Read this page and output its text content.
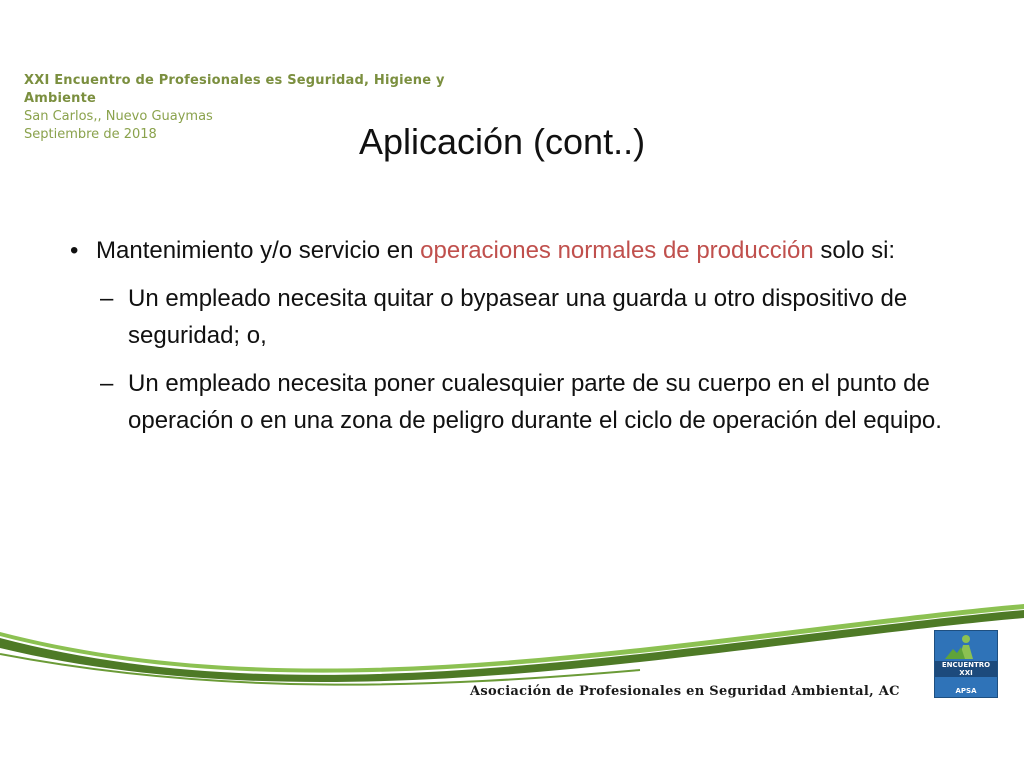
XXI Encuentro de Profesionales es Seguridad, Higiene y
Ambiente
San Carlos,, Nuevo Guaymas
Septiembre de 2018	Aplicación (cont..)
• Mantenimiento y/o servicio en operaciones normales de producción solo si:
– Un empleado necesita quitar o bypasear una guarda u otro dispositivo de seguridad; o,
– Un empleado necesita poner cualesquier parte de su cuerpo en el punto de operación o en una zona de peligro durante el ciclo de operación del equipo.
Asociación de Profesionales en Seguridad Ambiental, AC
ENCUENTRO XXI
APSA
